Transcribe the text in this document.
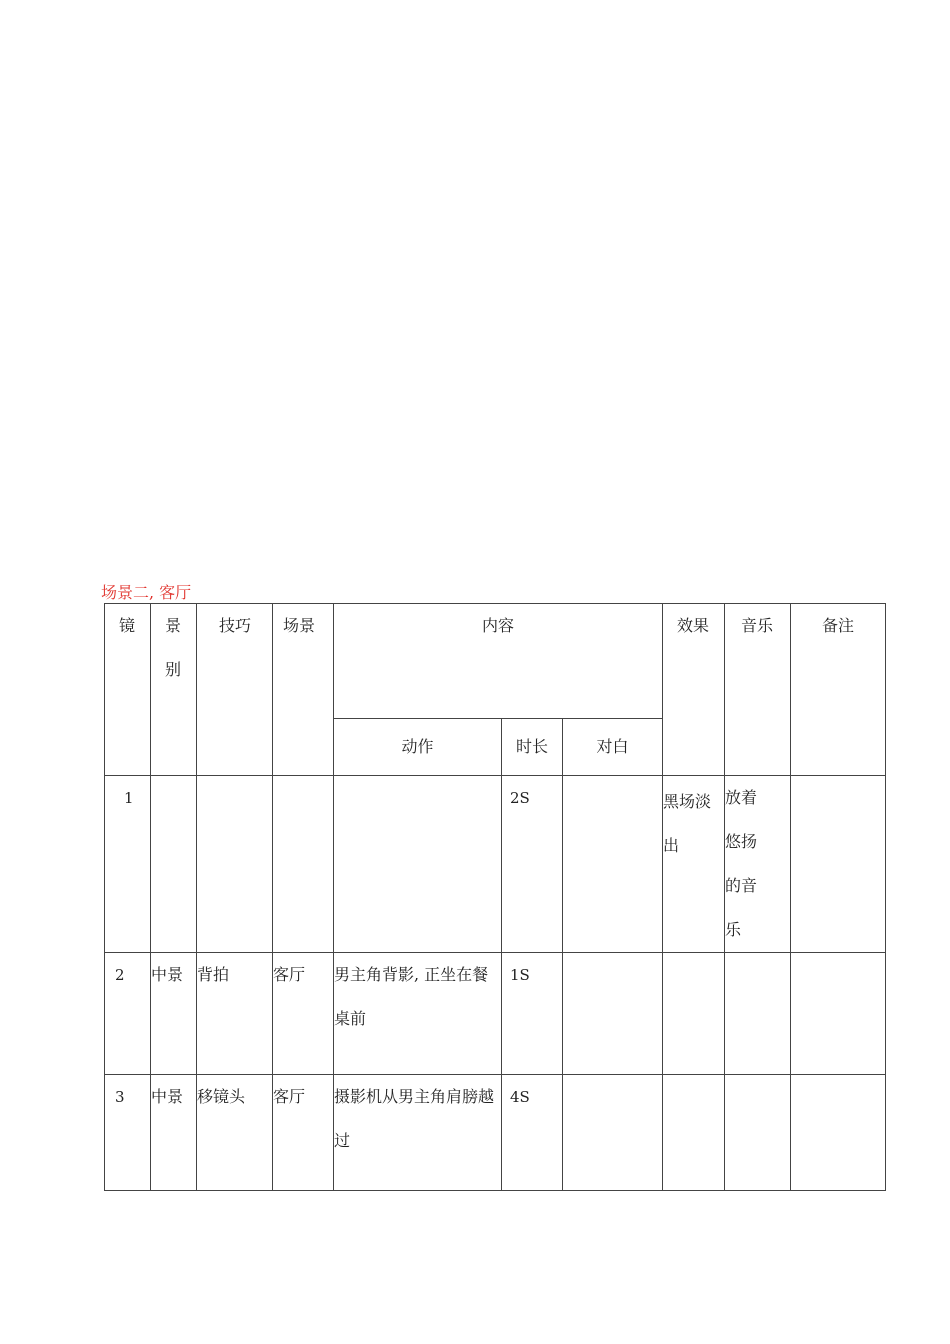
场景二, 客厅
镜	景别	技巧	场景	内容			效果	音乐	备注
				动作	时长	对白			
1					2S		黑场淡出	放着悠扬的音乐	
2	中景	背拍	客厅	男主角背影, 正坐在餐桌前	1S				
3	中景	移镜头	客厅	摄影机从男主角肩膀越过	4S				
